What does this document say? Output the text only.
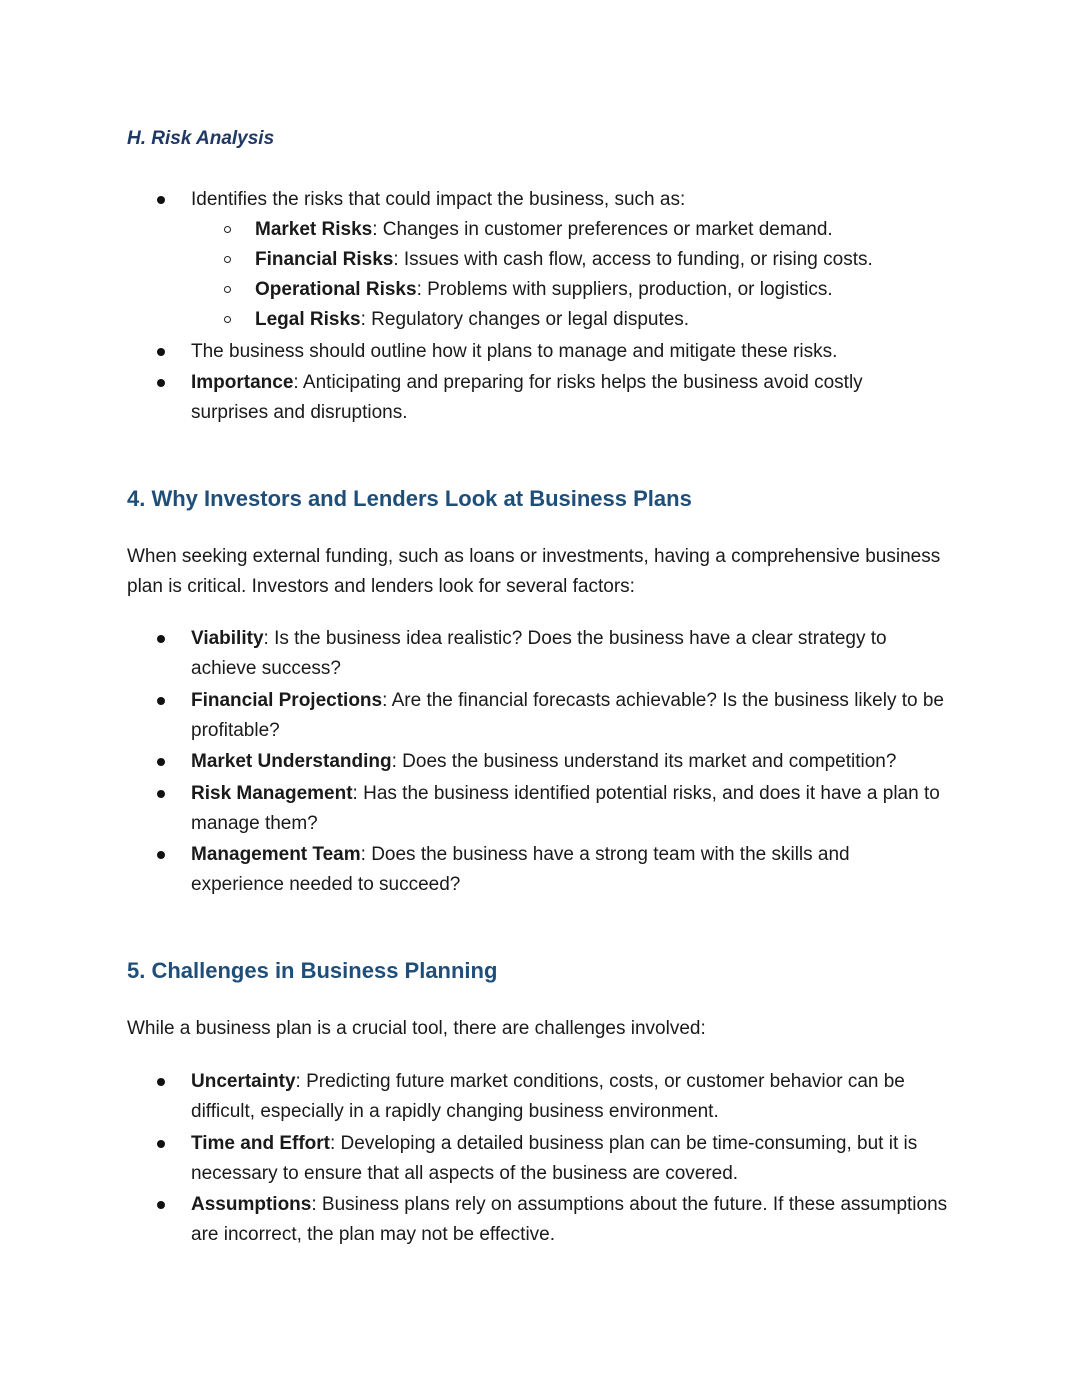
H. Risk Analysis
Identifies the risks that could impact the business, such as:
Market Risks: Changes in customer preferences or market demand.
Financial Risks: Issues with cash flow, access to funding, or rising costs.
Operational Risks: Problems with suppliers, production, or logistics.
Legal Risks: Regulatory changes or legal disputes.
The business should outline how it plans to manage and mitigate these risks.
Importance: Anticipating and preparing for risks helps the business avoid costly surprises and disruptions.
4. Why Investors and Lenders Look at Business Plans

When seeking external funding, such as loans or investments, having a comprehensive business plan is critical. Investors and lenders look for several factors:

Viability: Is the business idea realistic? Does the business have a clear strategy to achieve success?
Financial Projections: Are the financial forecasts achievable? Is the business likely to be profitable?
Market Understanding: Does the business understand its market and competition?
Risk Management: Has the business identified potential risks, and does it have a plan to manage them?
Management Team: Does the business have a strong team with the skills and experience needed to succeed?
5. Challenges in Business Planning

While a business plan is a crucial tool, there are challenges involved:

Uncertainty: Predicting future market conditions, costs, or customer behavior can be difficult, especially in a rapidly changing business environment.
Time and Effort: Developing a detailed business plan can be time-consuming, but it is necessary to ensure that all aspects of the business are covered.
Assumptions: Business plans rely on assumptions about the future. If these assumptions are incorrect, the plan may not be effective.
